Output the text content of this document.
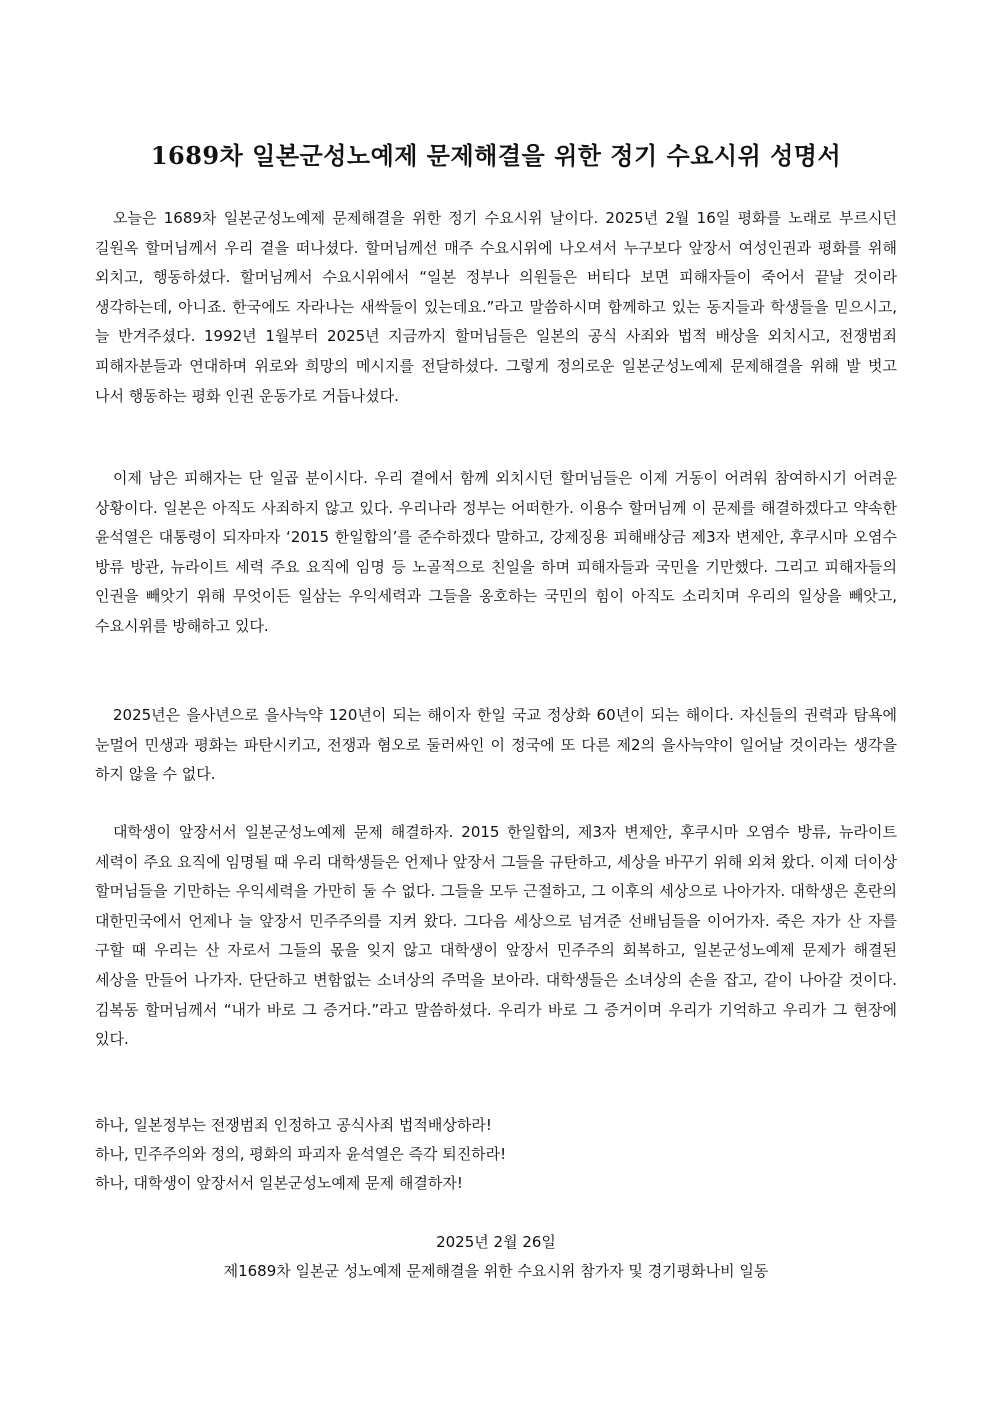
1689차 일본군성노예제 문제해결을 위한 정기 수요시위 성명서

오늘은 1689차 일본군성노예제 문제해결을 위한 정기 수요시위 날이다. 2025년 2월 16일 평화를 노래로 부르시던 길원옥 할머님께서 우리 곁을 떠나셨다. 할머님께선 매주 수요시위에 나오셔서 누구보다 앞장서 여성인권과 평화를 위해 외치고, 행동하셨다. 할머님께서 수요시위에서 “일본 정부나 의원들은 버티다 보면 피해자들이 죽어서 끝날 것이라 생각하는데, 아니죠. 한국에도 자라나는 새싹들이 있는데요.”라고 말씀하시며 함께하고 있는 동지들과 학생들을 믿으시고, 늘 반겨주셨다. 1992년 1월부터 2025년 지금까지 할머님들은 일본의 공식 사죄와 법적 배상을 외치시고, 전쟁범죄 피해자분들과 연대하며 위로와 희망의 메시지를 전달하셨다. 그렇게 정의로운 일본군성노예제 문제해결을 위해 발 벗고 나서 행동하는 평화 인권 운동가로 거듭나셨다.

이제 남은 피해자는 단 일곱 분이시다. 우리 곁에서 함께 외치시던 할머님들은 이제 거동이 어려워 참여하시기 어려운 상황이다. 일본은 아직도 사죄하지 않고 있다. 우리나라 정부는 어떠한가. 이용수 할머님께 이 문제를 해결하겠다고 약속한 윤석열은 대통령이 되자마자 ‘2015 한일합의’를 준수하겠다 말하고, 강제징용 피해배상금 제3자 변제안, 후쿠시마 오염수 방류 방관, 뉴라이트 세력 주요 요직에 임명 등 노골적으로 친일을 하며 피해자들과 국민을 기만했다. 그리고 피해자들의 인권을 빼앗기 위해 무엇이든 일삼는 우익세력과 그들을 옹호하는 국민의 힘이 아직도 소리치며 우리의 일상을 빼앗고, 수요시위를 방해하고 있다.

2025년은 을사년으로 을사늑약 120년이 되는 해이자 한일 국교 정상화 60년이 되는 해이다. 자신들의 권력과 탐욕에 눈멀어 민생과 평화는 파탄시키고, 전쟁과 혐오로 둘러싸인 이 정국에 또 다른 제2의 을사늑약이 일어날 것이라는 생각을 하지 않을 수 없다.

대학생이 앞장서서 일본군성노예제 문제 해결하자. 2015 한일합의, 제3자 변제안, 후쿠시마 오염수 방류, 뉴라이트 세력이 주요 요직에 임명될 때 우리 대학생들은 언제나 앞장서 그들을 규탄하고, 세상을 바꾸기 위해 외쳐 왔다. 이제 더이상 할머님들을 기만하는 우익세력을 가만히 둘 수 없다. 그들을 모두 근절하고, 그 이후의 세상으로 나아가자. 대학생은 혼란의 대한민국에서 언제나 늘 앞장서 민주주의를 지켜 왔다. 그다음 세상으로 넘겨준 선배님들을 이어가자. 죽은 자가 산 자를 구할 때 우리는 산 자로서 그들의 몫을 잊지 않고 대학생이 앞장서 민주주의 회복하고, 일본군성노예제 문제가 해결된 세상을 만들어 나가자. 단단하고 변함없는 소녀상의 주먹을 보아라. 대학생들은 소녀상의 손을 잡고, 같이 나아갈 것이다. 김복동 할머님께서 “내가 바로 그 증거다.”라고 말씀하셨다. 우리가 바로 그 증거이며 우리가 기억하고 우리가 그 현장에 있다.

하나, 일본정부는 전쟁범죄 인정하고 공식사죄 법적배상하라!

하나, 민주주의와 정의, 평화의 파괴자 윤석열은 즉각 퇴진하라!

하나, 대학생이 앞장서서 일본군성노예제 문제 해결하자!

2025년 2월 26일

제1689차 일본군 성노예제 문제해결을 위한 수요시위 참가자 및 경기평화나비 일동
